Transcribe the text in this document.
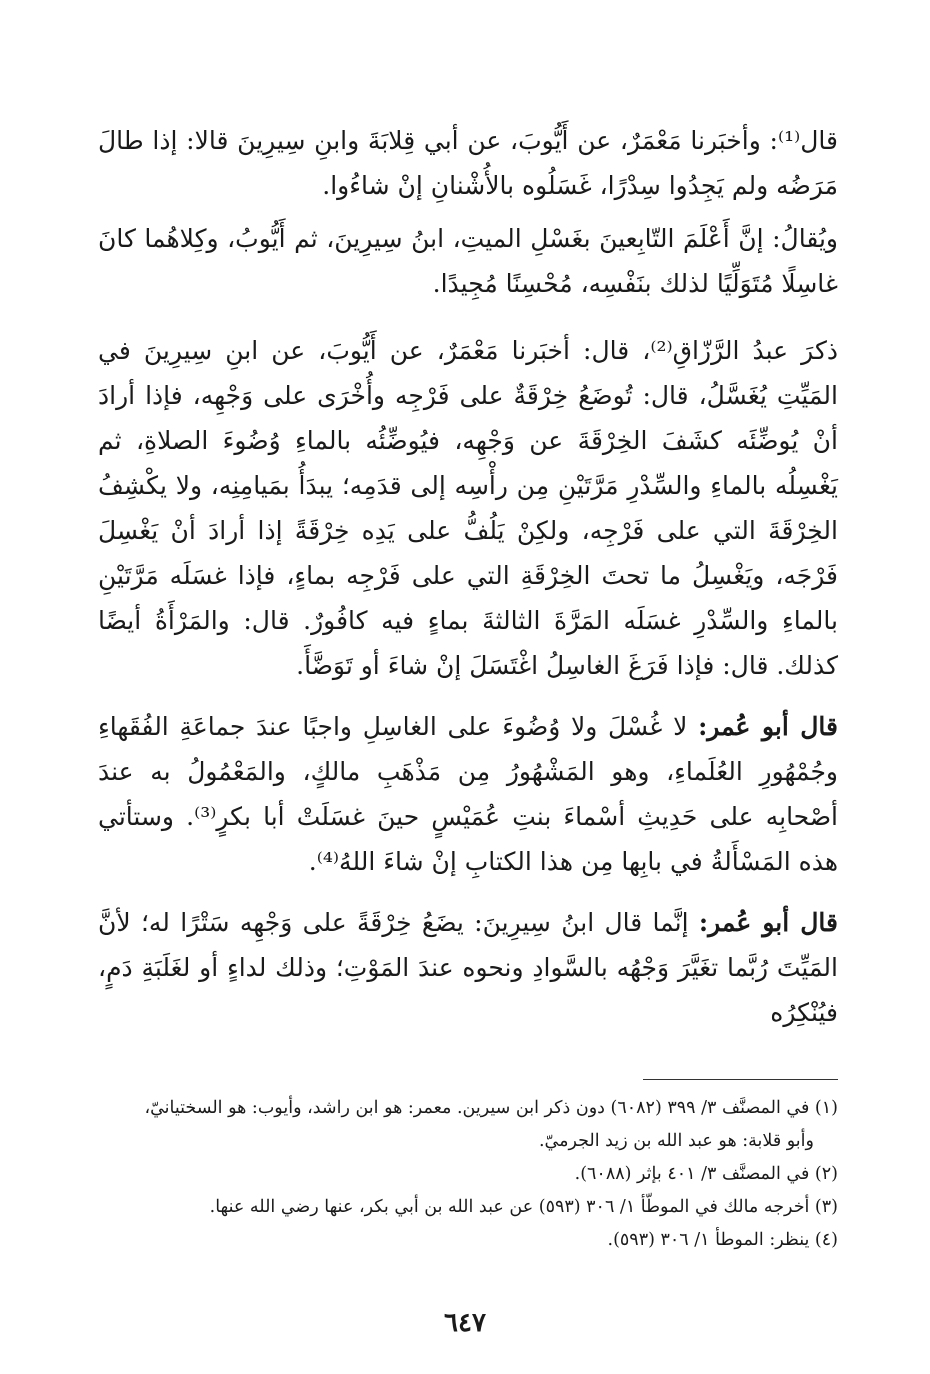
قال⁽¹⁾: وأخبَرنا مَعْمَرٌ، عن أَيُّوبَ، عن أبي قِلابَةَ وابنِ سِيرِينَ قالا: إذا طالَ مَرَضُه ولم يَجِدُوا سِدْرًا، غَسَلُوه بالأُشْنانِ إنْ شاءُوا.

ويُقالُ: إنَّ أَعْلَمَ التّابِعينَ بغَسْلِ الميتِ، ابنُ سِيرِينَ، ثم أَيُّوبُ، وكِلاهُما كانَ غاسِلًا مُتَوَلِّيًا لذلك بنَفْسِه، مُحْسِنًا مُجِيدًا.

ذكرَ عبدُ الرَّزّاقِ⁽²⁾، قال: أخبَرنا مَعْمَرٌ، عن أَيُّوبَ، عن ابنِ سِيرِينَ في المَيِّتِ يُغَسَّلُ، قال: تُوضَعُ خِرْقَةٌ على فَرْجِه وأُخْرَى على وَجْهِه، فإذا أرادَ أنْ يُوضِّئَه كشَفَ الخِرْقَةَ عن وَجْهِه، فيُوضِّئُه بالماءِ وُضُوءَ الصلاةِ، ثم يَغْسِلُه بالماءِ والسِّدْرِ مَرَّتَيْنِ مِن رأْسِه إلى قدَمِه؛ يبدَأُ بمَيامِنِه، ولا يكْشِفُ الخِرْقَةَ التي على فَرْجِه، ولكِنْ يَلُفُّ على يَدِه خِرْقَةً إذا أرادَ أنْ يَغْسِلَ فَرْجَه، ويَغْسِلُ ما تحتَ الخِرْقَةِ التي على فَرْجِه بماءٍ، فإذا غسَلَه مَرَّتَيْنِ بالماءِ والسِّدْرِ غسَلَه المَرَّةَ الثالثةَ بماءٍ فيه كافُورٌ. قال: والمَرْأَةُ أيضًا كذلك. قال: فإذا فَرَغَ الغاسِلُ اغْتَسَلَ إنْ شاءَ أو تَوَضَّأَ.

قال أبو عُمر: لا غُسْلَ ولا وُضُوءَ على الغاسِلِ واجبًا عندَ جماعَةِ الفُقَهاءِ وجُمْهُورِ العُلَماءِ، وهو المَشْهُورُ مِن مَذْهَبِ مالكٍ، والمَعْمُولُ به عندَ أصْحابِه على حَدِيثِ أسْماءَ بنتِ عُمَيْسٍ حينَ غسَلَتْ أبا بكرٍ⁽³⁾. وستأتي هذه المَسْأَلةُ في بابِها مِن هذا الكتابِ إنْ شاءَ اللهُ⁽⁴⁾.

قال أبو عُمر: إنَّما قال ابنُ سِيرِينَ: يضَعُ خِرْقَةً على وَجْهِه سَتْرًا له؛ لأنَّ المَيِّتَ رُبَّما تغَيَّرَ وَجْهُه بالسَّوادِ ونحوه عندَ المَوْتِ؛ وذلك لداءٍ أو لغَلَبَةِ دَمٍ، فيُنْكِرُه

(١) في المصنَّف ٣/ ٣٩٩ (٦٠٨٢) دون ذكر ابن سيرين. معمر: هو ابن راشد، وأيوب: هو السختيانيّ،

وأبو قلابة: هو عبد الله بن زيد الجرميّ.

(٢) في المصنَّف ٣/ ٤٠١ بإثر (٦٠٨٨).

(٣) أخرجه مالك في الموطّأ ١/ ٣٠٦ (٥٩٣) عن عبد الله بن أبي بكر، عنها رضي الله عنها.

(٤) ينظر: الموطأ ١/ ٣٠٦ (٥٩٣).

٦٤٧
